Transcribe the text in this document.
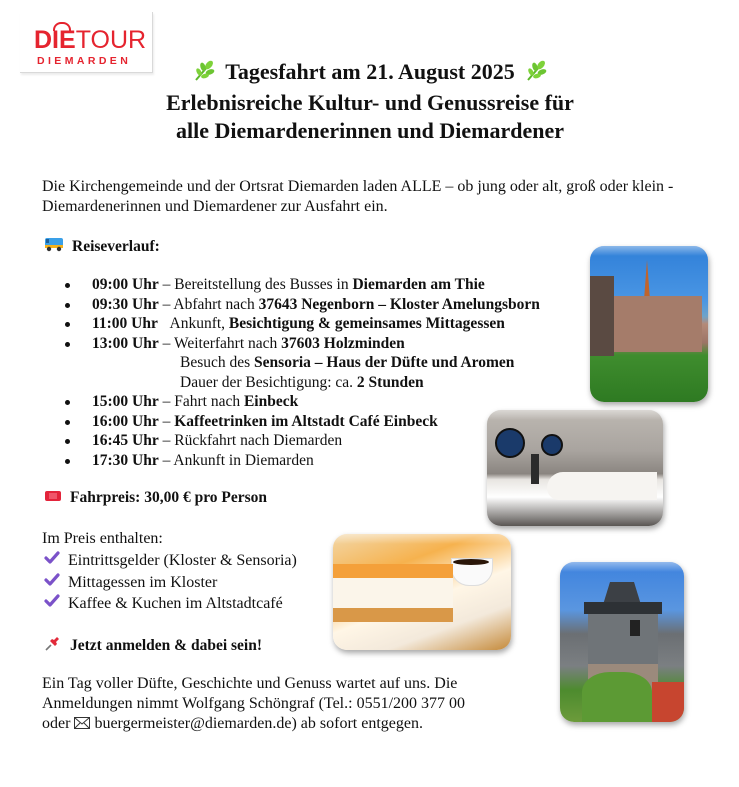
DIETOUR
DIEMARDEN	Tagesfahrt am 21. August 2025
Erlebnisreiche Kultur- und Genussreise für
alle Diemardenerinnen und Diemardener
Die Kirchengemeinde und der Ortsrat Diemarden laden ALLE – ob jung oder alt, groß oder klein - Diemardenerinnen und Diemardener zur Ausfahrt ein.
Reiseverlauf:
09:00 Uhr – Bereitstellung des Busses in Diemarden am Thie
09:30 Uhr – Abfahrt nach 37643 Negenborn – Kloster Amelungsborn
11:00 Uhr Ankunft, Besichtigung & gemeinsames Mittagessen
13:00 Uhr – Weiterfahrt nach 37603 Holzminden
Besuch des Sensoria – Haus der Düfte und Aromen
Dauer der Besichtigung: ca. 2 Stunden
15:00 Uhr – Fahrt nach Einbeck
16:00 Uhr – Kaffeetrinken im Altstadt Café Einbeck
16:45 Uhr – Rückfahrt nach Diemarden
17:30 Uhr – Ankunft in Diemarden
Fahrpreis: 30,00 € pro Person
Im Preis enthalten:
Eintrittsgelder (Kloster & Sensoria)
Mittagessen im Kloster
Kaffee & Kuchen im Altstadtcafé
Jetzt anmelden & dabei sein!
Ein Tag voller Düfte, Geschichte und Genuss wartet auf uns. Die
Anmeldungen nimmt Wolfgang Schöngraf (Tel.: 0551/200 377 00
oder buergermeister@diemarden.de) ab sofort entgegen.
